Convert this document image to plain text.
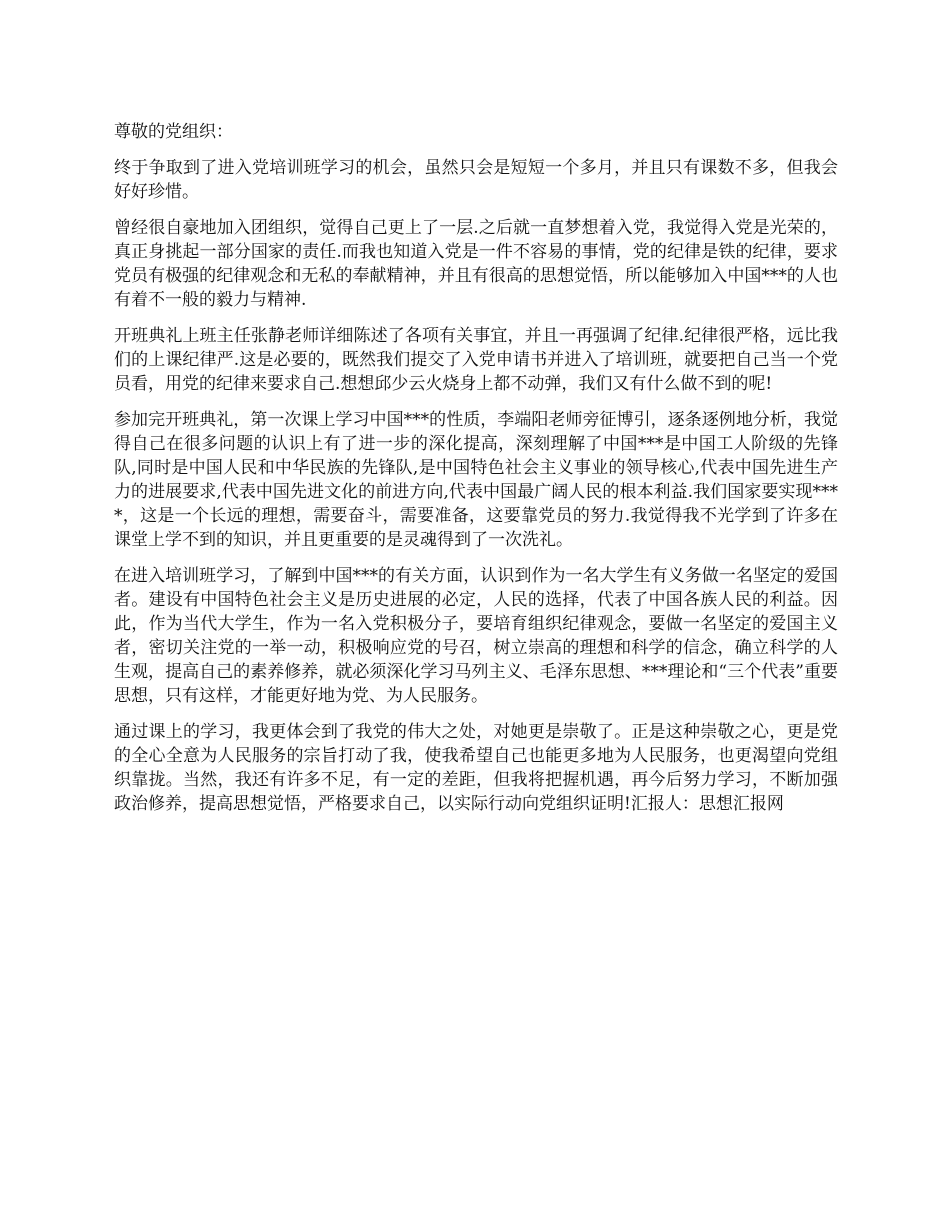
尊敬的党组织：

终于争取到了进入党培训班学习的机会，虽然只会是短短一个多月，并且只有课数不多，但我会好好珍惜。

曾经很自豪地加入团组织，觉得自己更上了一层.之后就一直梦想着入党，我觉得入党是光荣的，真正身挑起一部分国家的责任.而我也知道入党是一件不容易的事情，党的纪律是铁的纪律，要求党员有极强的纪律观念和无私的奉献精神，并且有很高的思想觉悟，所以能够加入中国***的人也有着不一般的毅力与精神.

开班典礼上班主任张静老师详细陈述了各项有关事宜，并且一再强调了纪律.纪律很严格，远比我们的上课纪律严.这是必要的，既然我们提交了入党申请书并进入了培训班，就要把自己当一个党员看，用党的纪律来要求自己.想想邱少云火烧身上都不动弹，我们又有什么做不到的呢!

参加完开班典礼，第一次课上学习中国***的性质，李端阳老师旁征博引，逐条逐例地分析，我觉得自己在很多问题的认识上有了进一步的深化提高，深刻理解了中国***是中国工人阶级的先锋队,同时是中国人民和中华民族的先锋队,是中国特色社会主义事业的领导核心,代表中国先进生产力的进展要求,代表中国先进文化的前进方向,代表中国最广阔人民的根本利益.我们国家要实现****，这是一个长远的理想，需要奋斗，需要准备，这要靠党员的努力.我觉得我不光学到了许多在课堂上学不到的知识，并且更重要的是灵魂得到了一次洗礼。

在进入培训班学习，了解到中国***的有关方面，认识到作为一名大学生有义务做一名坚定的爱国者。建设有中国特色社会主义是历史进展的必定，人民的选择，代表了中国各族人民的利益。因此，作为当代大学生，作为一名入党积极分子，要培育组织纪律观念，要做一名坚定的爱国主义者，密切关注党的一举一动，积极响应党的号召，树立崇高的理想和科学的信念，确立科学的人生观，提高自己的素养修养，就必须深化学习马列主义、毛泽东思想、***理论和“三个代表”重要思想，只有这样，才能更好地为党、为人民服务。

通过课上的学习，我更体会到了我党的伟大之处，对她更是崇敬了。正是这种崇敬之心，更是党的全心全意为人民服务的宗旨打动了我，使我希望自己也能更多地为人民服务，也更渴望向党组织靠拢。当然，我还有许多不足，有一定的差距，但我将把握机遇，再今后努力学习，不断加强政治修养，提高思想觉悟，严格要求自己，以实际行动向党组织证明!汇报人：思想汇报网
